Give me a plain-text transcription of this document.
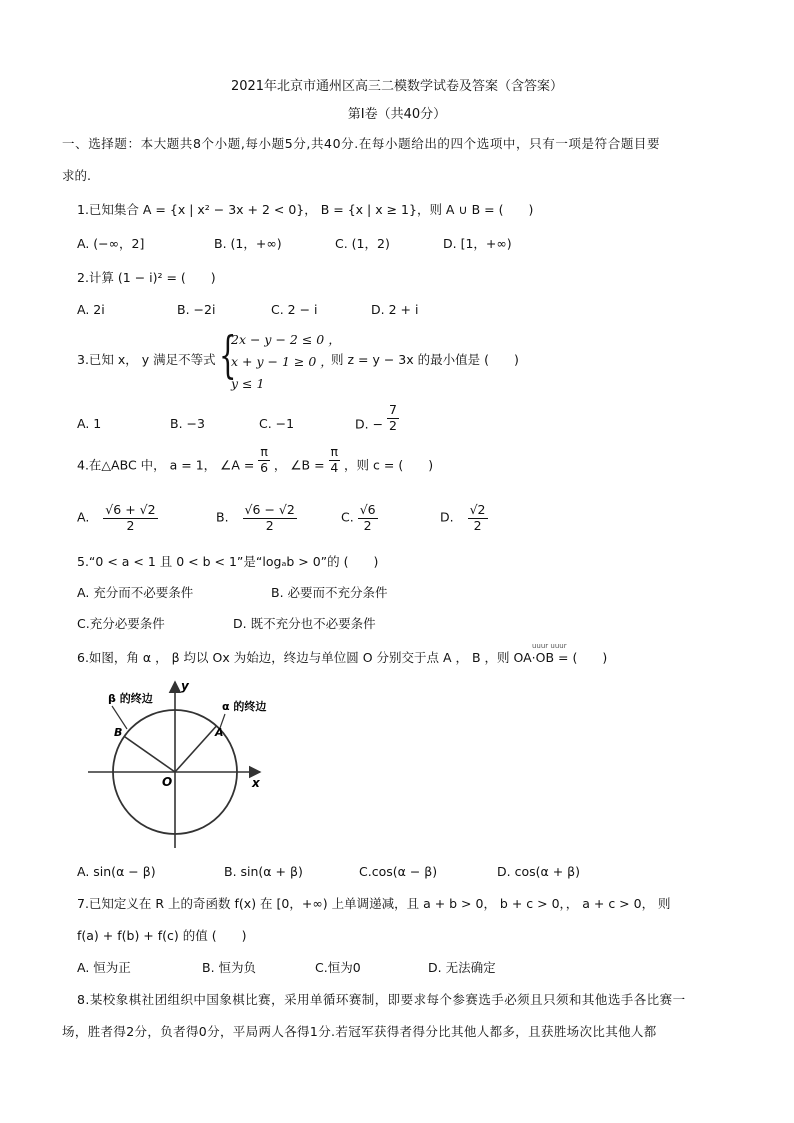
2021年北京市通州区高三二模数学试卷及答案（含答案）
第Ⅰ卷（共40分）
一、选择题：本大题共8个小题,每小题5分,共40分.在每小题给出的四个选项中，只有一项是符合题目要
求的.
1.已知集合 A = {x | x² − 3x + 2 < 0}， B = {x | x ≥ 1}，则 A ∪ B = (　　)
A. (−∞，2]	B. (1，+∞)	C. (1，2)	D. [1，+∞)
2.计算 (1 − i)² = (　　)
A. 2i	B. −2i	C. 2 − i	D. 2 + i
3.已知 x， y 满足不等式 {
2x − y − 2 ≤ 0 ，
x + y − 1 ≥ 0 ，
y ≤ 1
则 z = y − 3x 的最小值是 (　　)
A. 1	B. −3	C. −1	D. − $\frac{7}{2}$
4.在△ABC 中， a = 1， ∠A = $\frac{\pi}{6}$ ， ∠B = $\frac{\pi}{4}$ ，则 c = (　　)
A. $\frac{√6 + √2}{2}$	B. $\frac{√6 - √2}{2}$	C. $\frac{√6}{2}$	D. $\frac{√2}{2}$
5.“0 < a < 1 且 0 < b < 1”是“logₐb > 0”的 (　　)
A. 充分而不必要条件	B. 必要而不充分条件
C.充分必要条件	D. 既不充分也不必要条件
uuur uuur
6.如图，角 α ， β 均以 Ox 为始边，终边与单位圆 O 分别交于点 A ， B ，则 OA·OB = (　　)
y
x
O
A
B
α 的终边
β 的终边
A. sin(α − β)	B. sin(α + β)	C.cos(α − β)	D. cos(α + β)
7.已知定义在 R 上的奇函数 f(x) 在 [0，+∞) 上单调递减，且 a + b > 0， b + c > 0，， a + c > 0， 则
f(a) + f(b) + f(c) 的值 (　　)
A. 恒为正	B. 恒为负	C.恒为0	D. 无法确定
8.某校象棋社团组织中国象棋比赛，采用单循环赛制，即要求每个参赛选手必须且只须和其他选手各比赛一
场，胜者得2分，负者得0分，平局两人各得1分.若冠军获得者得分比其他人都多，且获胜场次比其他人都
